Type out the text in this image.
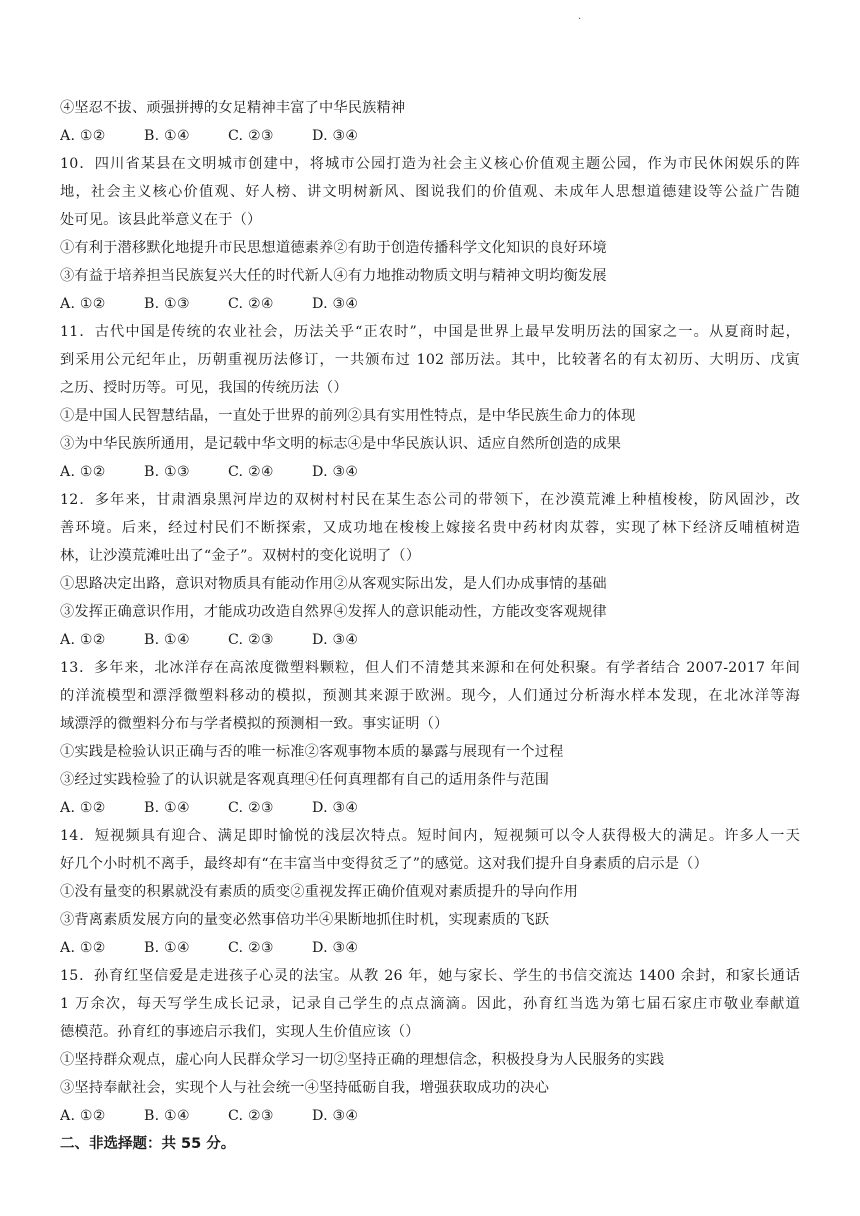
·
④坚忍不拔、顽强拼搏的女足精神丰富了中华民族精神
A. ①②	B. ①④	C. ②③	D. ③④
10．四川省某县在文明城市创建中，将城市公园打造为社会主义核心价值观主题公园，作为市民休闲娱乐的阵
地，社会主义核心价值观、好人榜、讲文明树新风、图说我们的价值观、未成年人思想道德建设等公益广告随
处可见。该县此举意义在于（）
①有利于潜移默化地提升市民思想道德素养②有助于创造传播科学文化知识的良好环境
③有益于培养担当民族复兴大任的时代新人④有力地推动物质文明与精神文明均衡发展
A. ①②	B. ①③	C. ②④	D. ③④
11．古代中国是传统的农业社会，历法关乎“正农时”，中国是世界上最早发明历法的国家之一。从夏商时起，
到采用公元纪年止，历朝重视历法修订，一共颁布过 102 部历法。其中，比较著名的有太初历、大明历、戊寅
之历、授时历等。可见，我国的传统历法（）
①是中国人民智慧结晶，一直处于世界的前列②具有实用性特点，是中华民族生命力的体现
③为中华民族所通用，是记载中华文明的标志④是中华民族认识、适应自然所创造的成果
A. ①②	B. ①③	C. ②④	D. ③④
12．多年来，甘肃酒泉黑河岸边的双树村村民在某生态公司的带领下，在沙漠荒滩上种植梭梭，防风固沙，改
善环境。后来，经过村民们不断探索，又成功地在梭梭上嫁接名贵中药材肉苁蓉，实现了林下经济反哺植树造
林，让沙漠荒滩吐出了“金子”。双树村的变化说明了（）
①思路决定出路，意识对物质具有能动作用②从客观实际出发，是人们办成事情的基础
③发挥正确意识作用，才能成功改造自然界④发挥人的意识能动性，方能改变客观规律
A. ①②	B. ①④	C. ②③	D. ③④
13．多年来，北冰洋存在高浓度微塑料颗粒，但人们不清楚其来源和在何处积聚。有学者结合 2007-2017 年间
的洋流模型和漂浮微塑料移动的模拟，预测其来源于欧洲。现今，人们通过分析海水样本发现，在北冰洋等海
域漂浮的微塑料分布与学者模拟的预测相一致。事实证明（）
①实践是检验认识正确与否的唯一标准②客观事物本质的暴露与展现有一个过程
③经过实践检验了的认识就是客观真理④任何真理都有自己的适用条件与范围
A. ①②	B. ①④	C. ②③	D. ③④
14．短视频具有迎合、满足即时愉悦的浅层次特点。短时间内，短视频可以令人获得极大的满足。许多人一天
好几个小时机不离手，最终却有“在丰富当中变得贫乏了”的感觉。这对我们提升自身素质的启示是（）
①没有量变的积累就没有素质的质变②重视发挥正确价值观对素质提升的导向作用
③背离素质发展方向的量变必然事倍功半④果断地抓住时机，实现素质的飞跃
A. ①②	B. ①④	C. ②③	D. ③④
15．孙育红坚信爱是走进孩子心灵的法宝。从教 26 年，她与家长、学生的书信交流达 1400 余封，和家长通话
1 万余次，每天写学生成长记录，记录自己学生的点点滴滴。因此，孙育红当选为第七届石家庄市敬业奉献道
德模范。孙育红的事迹启示我们，实现人生价值应该（）
①坚持群众观点，虚心向人民群众学习一切②坚持正确的理想信念，积极投身为人民服务的实践
③坚持奉献社会，实现个人与社会统一④坚持砥砺自我，增强获取成功的决心
A. ①②	B. ①④	C. ②③	D. ③④
二、非选择题：共 55 分。
